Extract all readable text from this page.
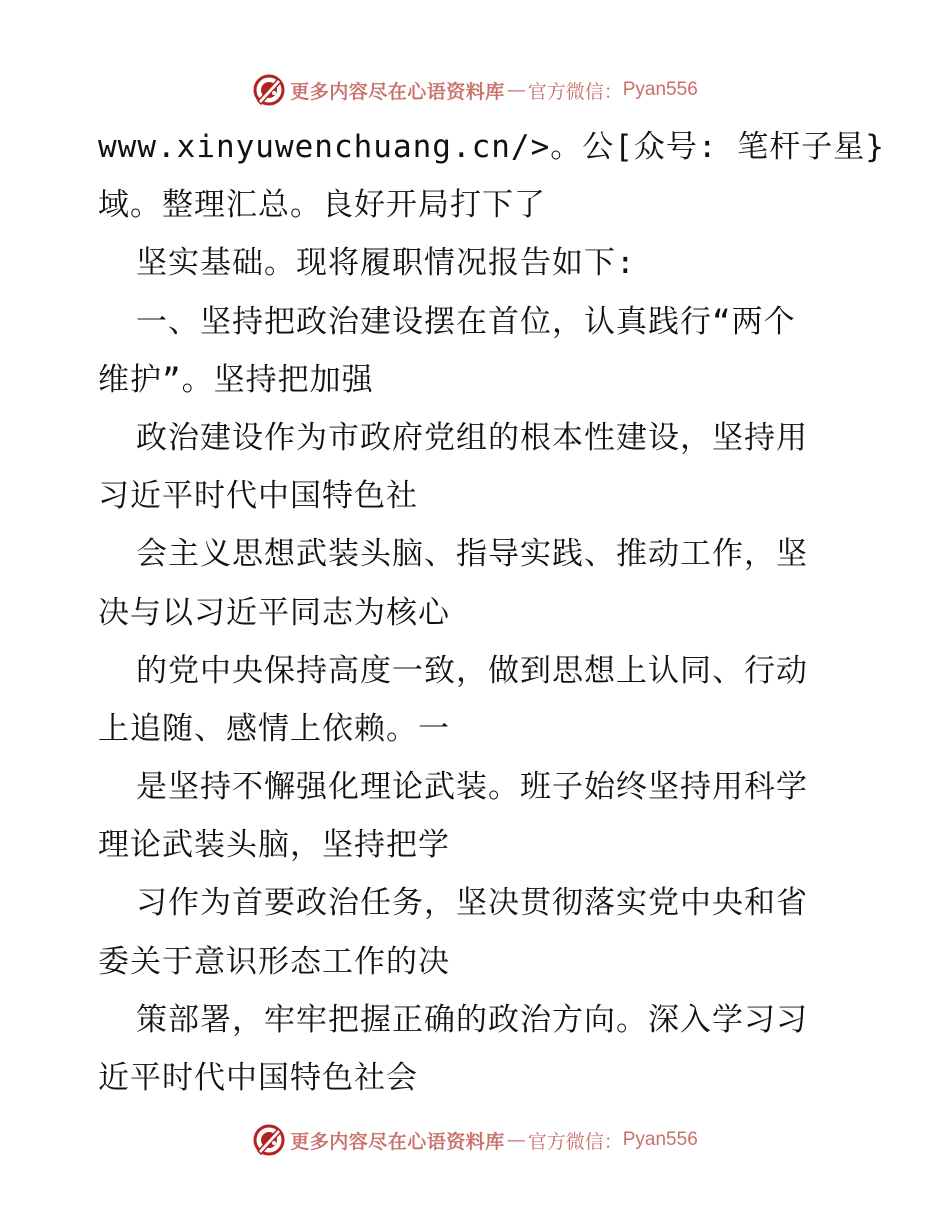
更多内容尽在心语资料库 — 官方微信： Pyan556
www.xinyuwenchuang.cn/>。公[众号: 笔杆子星}
域。整理汇总。良好开局打下了
坚实基础。现将履职情况报告如下:
一、坚持把政治建设摆在首位，认真践行“两个
维护”。坚持把加强
政治建设作为市政府党组的根本性建设，坚持用
习近平时代中国特色社
会主义思想武装头脑、指导实践、推动工作，坚
决与以习近平同志为核心
的党中央保持高度一致，做到思想上认同、行动
上追随、感情上依赖。一
是坚持不懈强化理论武装。班子始终坚持用科学
理论武装头脑，坚持把学
习作为首要政治任务，坚决贯彻落实党中央和省
委关于意识形态工作的决
策部署，牢牢把握正确的政治方向。深入学习习
近平时代中国特色社会
更多内容尽在心语资料库 — 官方微信： Pyan556
